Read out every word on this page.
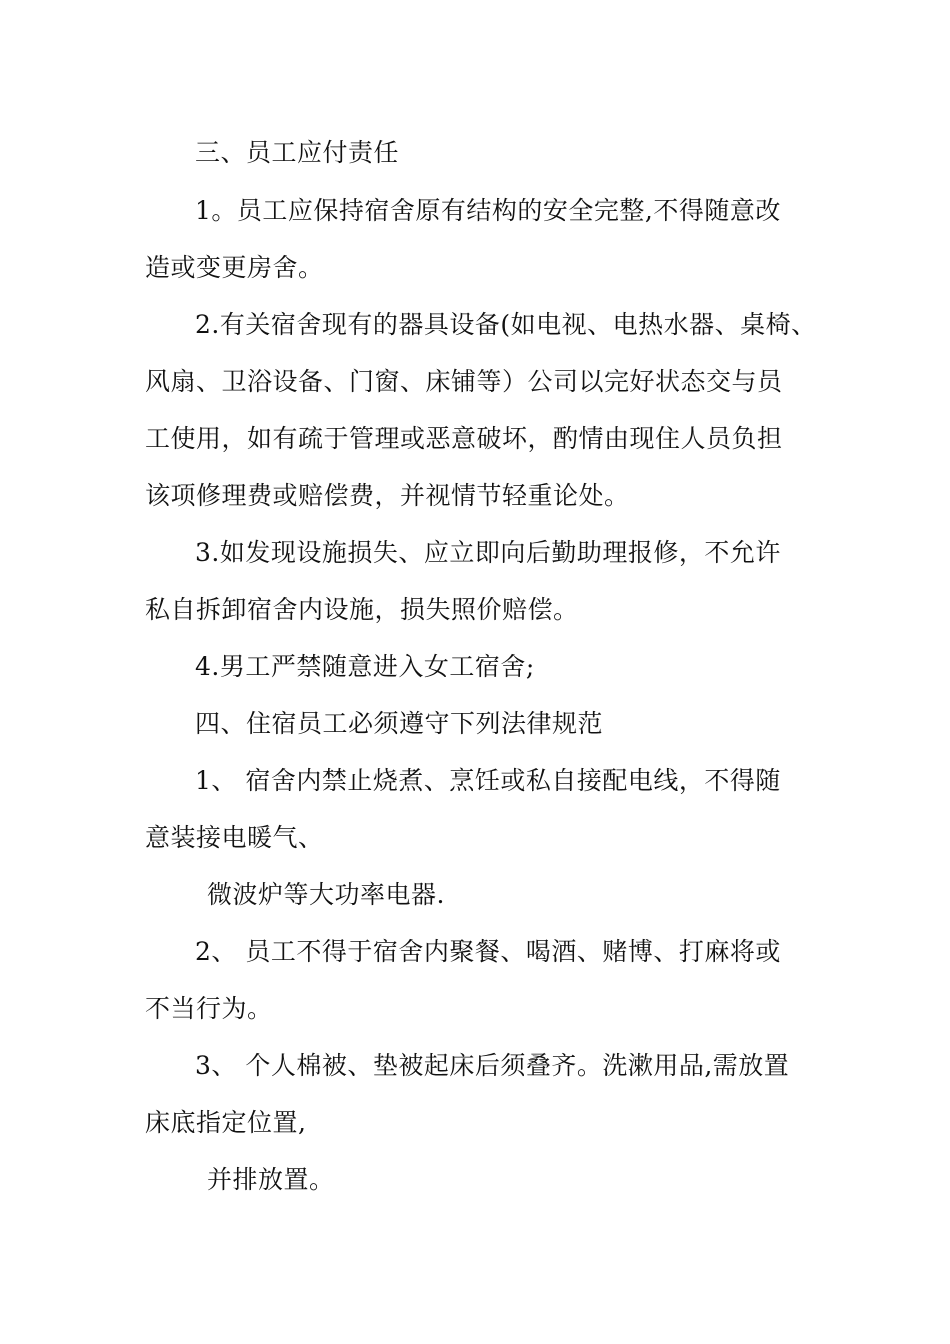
三、员工应付责任
1。员工应保持宿舍原有结构的安全完整,不得随意改
造或变更房舍。
2.有关宿舍现有的器具设备(如电视、电热水器、桌椅、
风扇、卫浴设备、门窗、床铺等）公司以完好状态交与员
工使用，如有疏于管理或恶意破坏，酌情由现住人员负担
该项修理费或赔偿费，并视情节轻重论处。
3.如发现设施损失、应立即向后勤助理报修，不允许
私自拆卸宿舍内设施，损失照价赔偿。
4.男工严禁随意进入女工宿舍;
四、住宿员工必须遵守下列法律规范
1、 宿舍内禁止烧煮、烹饪或私自接配电线，不得随
意装接电暖气、
微波炉等大功率电器.
2、 员工不得于宿舍内聚餐、喝酒、赌博、打麻将或
不当行为。
3、 个人棉被、垫被起床后须叠齐。洗漱用品,需放置
床底指定位置,
并排放置。
